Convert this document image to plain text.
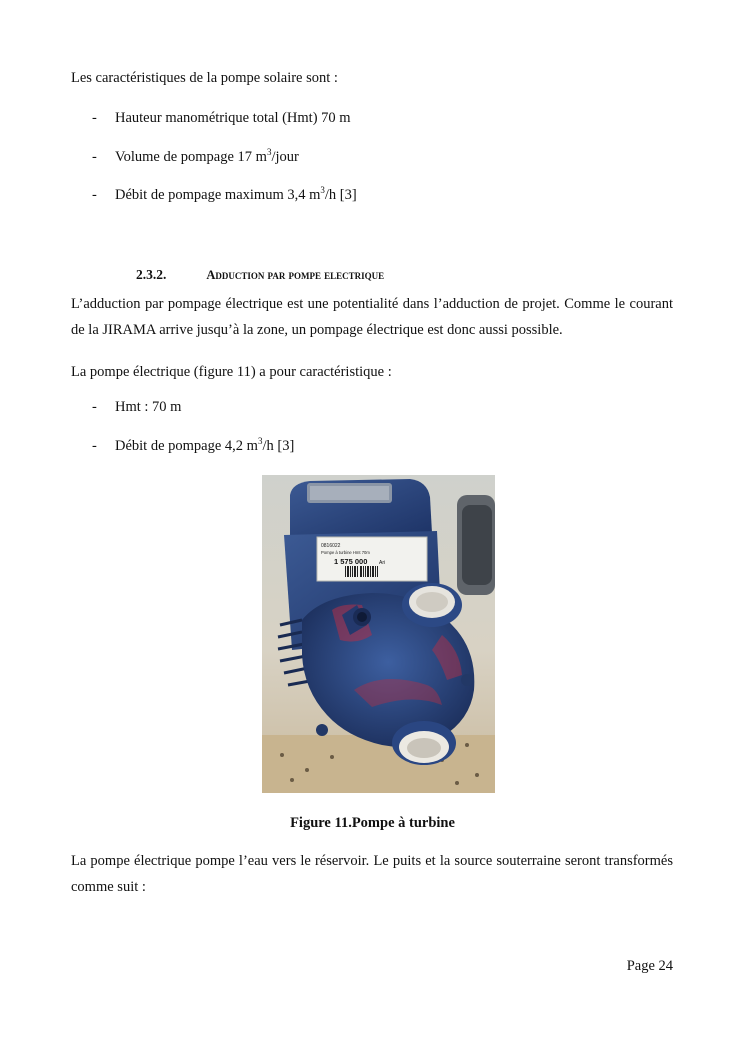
Les caractéristiques de la pompe solaire sont :

-	Hauteur manométrique total (Hmt) 70 m
-	Volume de pompage 17 $m^3$/jour
-	Débit de pompage maximum 3,4 $m^3/h$ [3]
2.3.2.	Adduction par pompe electrique

L’adduction par pompage électrique est une potentialité dans l’adduction de projet. Comme le courant de la JIRAMA arrive jusqu’à la zone, un pompage électrique est donc aussi possible.

La pompe électrique (figure 11) a pour caractéristique :

-	Hmt : 70 m
-	Débit de pompage 4,2 $m^3/h$ [3]
0816022
Pompe à turbine Hmt 70m
1 575 000 Ari

Figure 11.Pompe à turbine

La pompe électrique pompe l’eau vers le réservoir. Le puits et la source souterraine seront transformés comme suit :

Page 24
